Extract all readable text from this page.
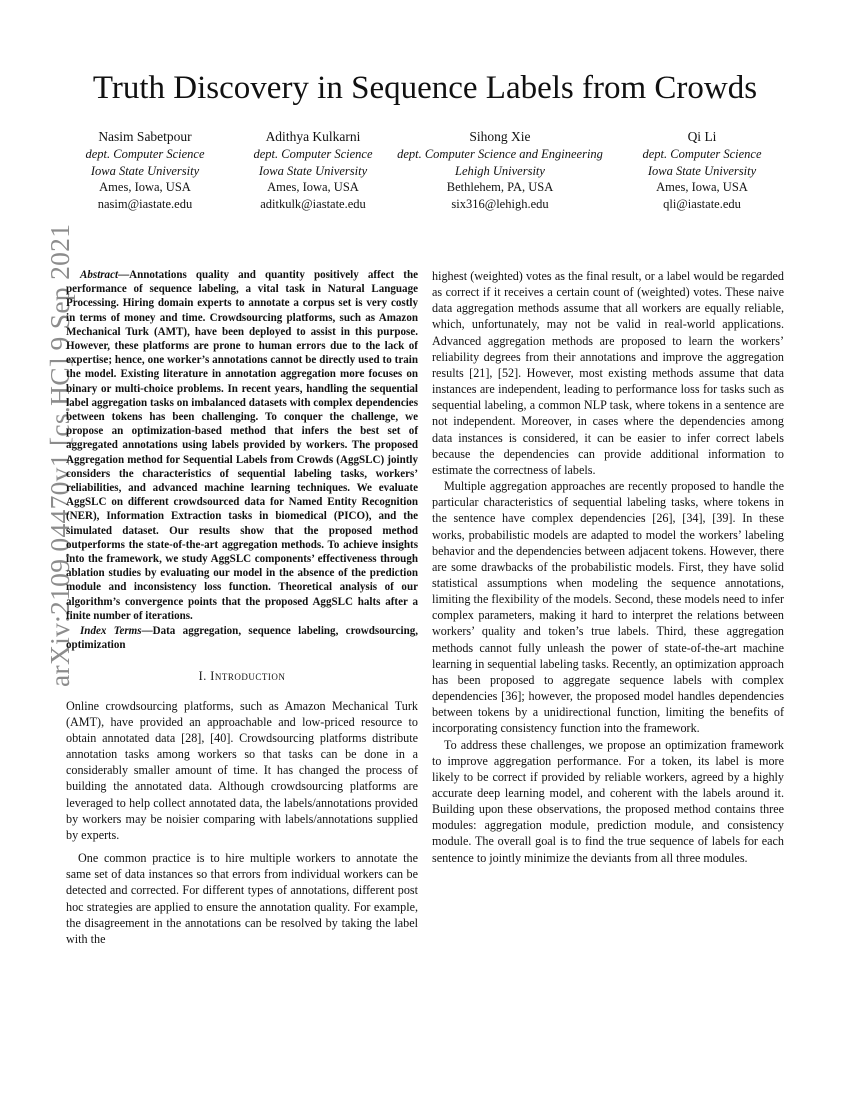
arXiv:2109.04470v1 [cs.HC] 9 Sep 2021
Truth Discovery in Sequence Labels from Crowds
Nasim Sabetpour
dept. Computer Science
Iowa State University
Ames, Iowa, USA
nasim@iastate.edu
Adithya Kulkarni
dept. Computer Science
Iowa State University
Ames, Iowa, USA
aditkulk@iastate.edu
Sihong Xie
dept. Computer Science and Engineering
Lehigh University
Bethlehem, PA, USA
six316@lehigh.edu
Qi Li
dept. Computer Science
Iowa State University
Ames, Iowa, USA
qli@iastate.edu

Abstract—Annotations quality and quantity positively affect the performance of sequence labeling, a vital task in Natural Language Processing. Hiring domain experts to annotate a corpus set is very costly in terms of money and time. Crowdsourcing platforms, such as Amazon Mechanical Turk (AMT), have been deployed to assist in this purpose. However, these platforms are prone to human errors due to the lack of expertise; hence, one worker’s annotations cannot be directly used to train the model. Existing literature in annotation aggregation more focuses on binary or multi-choice problems. In recent years, handling the sequential label aggregation tasks on imbalanced datasets with complex dependencies between tokens has been challenging. To conquer the challenge, we propose an optimization-based method that infers the best set of aggregated annotations using labels provided by workers. The proposed Aggregation method for Sequential Labels from Crowds (AggSLC) jointly considers the characteristics of sequential labeling tasks, workers’ reliabilities, and advanced machine learning techniques. We evaluate AggSLC on different crowdsourced data for Named Entity Recognition (NER), Information Extraction tasks in biomedical (PICO), and the simulated dataset. Our results show that the proposed method outperforms the state-of-the-art aggregation methods. To achieve insights into the framework, we study AggSLC components’ effectiveness through ablation studies by evaluating our model in the absence of the prediction module and inconsistency loss function. Theoretical analysis of our algorithm’s convergence points that the proposed AggSLC halts after a finite number of iterations.

Index Terms—Data aggregation, sequence labeling, crowdsourcing, optimization

I. Introduction

Online crowdsourcing platforms, such as Amazon Mechanical Turk (AMT), have provided an approachable and low-priced resource to obtain annotated data [28], [40]. Crowdsourcing platforms distribute annotation tasks among workers so that tasks can be done in a considerably smaller amount of time. It has changed the process of building the annotated data. Although crowdsourcing platforms are leveraged to help collect annotated data, the labels/annotations provided by workers may be noisier comparing with labels/annotations supplied by experts.

One common practice is to hire multiple workers to annotate the same set of data instances so that errors from individual workers can be detected and corrected. For different types of annotations, different post hoc strategies are applied to ensure the annotation quality. For example, the disagreement in the annotations can be resolved by taking the label with the

highest (weighted) votes as the final result, or a label would be regarded as correct if it receives a certain count of (weighted) votes. These naive data aggregation methods assume that all workers are equally reliable, which, unfortunately, may not be valid in real-world applications. Advanced aggregation methods are proposed to learn the workers’ reliability degrees from their annotations and improve the aggregation results [21], [52]. However, most existing methods assume that data instances are independent, leading to performance loss for tasks such as sequential labeling, a common NLP task, where tokens in a sentence are not independent. Moreover, in cases where the dependencies among data instances is considered, it can be easier to infer correct labels because the dependencies can provide additional information to estimate the correctness of labels.

Multiple aggregation approaches are recently proposed to handle the particular characteristics of sequential labeling tasks, where tokens in the sentence have complex dependencies [26], [34], [39]. In these works, probabilistic models are adapted to model the workers’ labeling behavior and the dependencies between adjacent tokens. However, there are some drawbacks of the probabilistic models. First, they have solid statistical assumptions when modeling the sequence annotations, limiting the flexibility of the models. Second, these models need to infer complex parameters, making it hard to interpret the relations between workers’ quality and token’s true labels. Third, these aggregation methods cannot fully unleash the power of state-of-the-art machine learning in sequential labeling tasks. Recently, an optimization approach has been proposed to aggregate sequence labels with complex dependencies [36]; however, the proposed model handles dependencies between tokens by a unidirectional function, limiting the benefits of incorporating consistency function into the framework.

To address these challenges, we propose an optimization framework to improve aggregation performance. For a token, its label is more likely to be correct if provided by reliable workers, agreed by a highly accurate deep learning model, and coherent with the labels around it. Building upon these observations, the proposed method contains three modules: aggregation module, prediction module, and consistency module. The overall goal is to find the true sequence of labels for each sentence to jointly minimize the deviants from all three modules.
